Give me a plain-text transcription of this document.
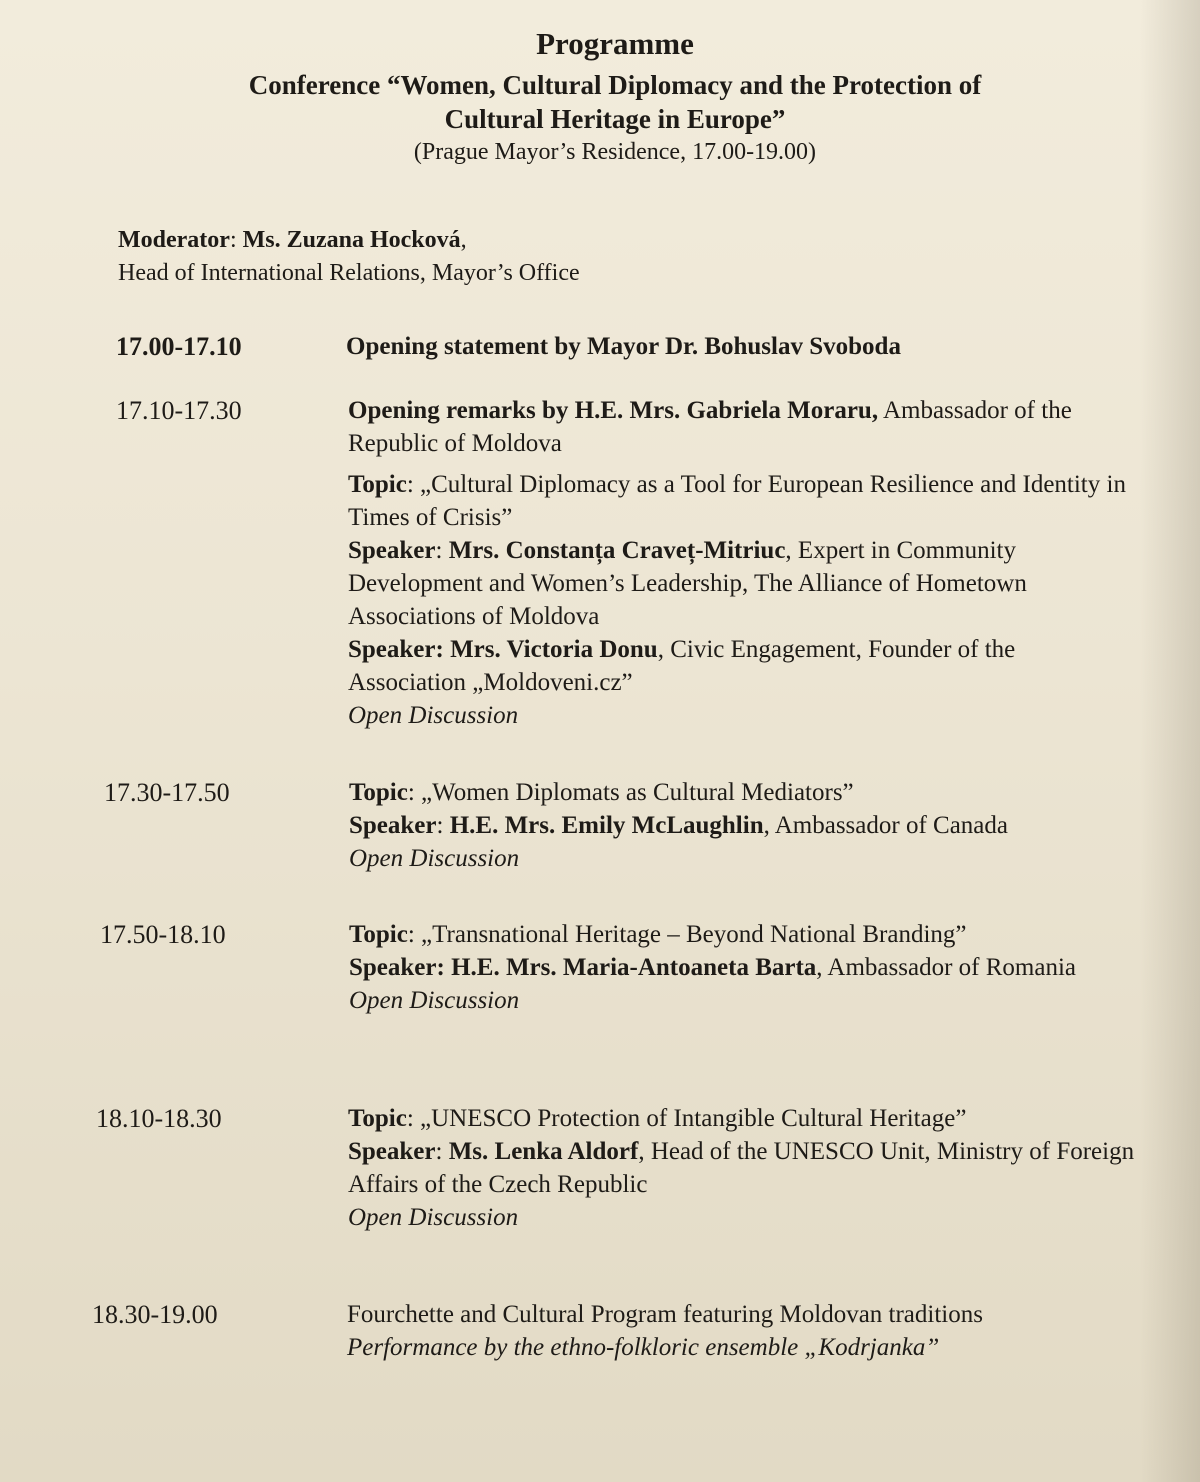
Programme
Conference “Women, Cultural Diplomacy and the Protection of
Cultural Heritage in Europe”
(Prague Mayor’s Residence, 17.00-19.00)
Moderator: Ms. Zuzana Hocková,
Head of International Relations, Mayor’s Office
17.00-17.10	Opening statement by Mayor Dr. Bohuslav Svoboda
17.10-17.30	Opening remarks by H.E. Mrs. Gabriela Moraru, Ambassador of the Republic of Moldova

Topic: „Cultural Diplomacy as a Tool for European Resilience and Identity in Times of Crisis”

Speaker: Mrs. Constanța Craveț-Mitriuc, Expert in Community Development and Women’s Leadership, The Alliance of Hometown Associations of Moldova

Speaker: Mrs. Victoria Donu, Civic Engagement, Founder of the Association „Moldoveni.cz”

Open Discussion

17.30-17.50	Topic: „Women Diplomats as Cultural Mediators”

Speaker: H.E. Mrs. Emily McLaughlin, Ambassador of Canada

Open Discussion

17.50-18.10	Topic: „Transnational Heritage – Beyond National Branding”

Speaker: H.E. Mrs. Maria-Antoaneta Barta, Ambassador of Romania

Open Discussion

18.10-18.30	Topic: „UNESCO Protection of Intangible Cultural Heritage”

Speaker: Ms. Lenka Aldorf, Head of the UNESCO Unit, Ministry of Foreign Affairs of the Czech Republic

Open Discussion

18.30-19.00	Fourchette and Cultural Program featuring Moldovan traditions

Performance by the ethno-folkloric ensemble „Kodrjanka”
